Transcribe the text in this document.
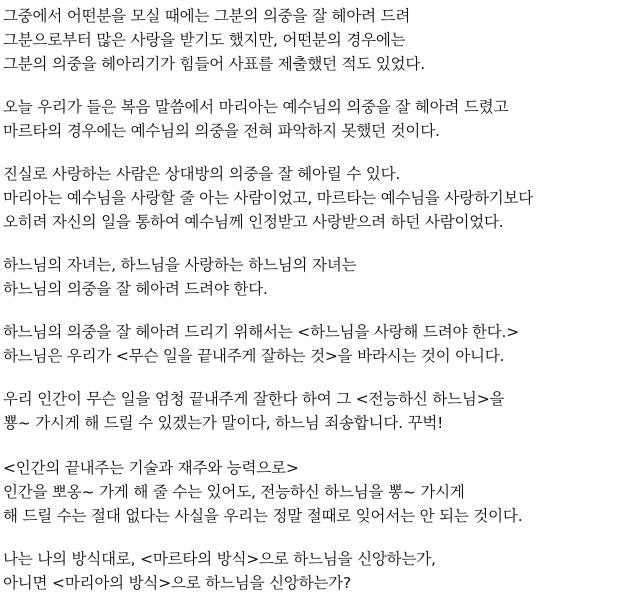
그중에서 어떤분을 모실 때에는 그분의 의중을 잘 헤아려 드려
그분으로부터 많은 사랑을 받기도 했지만, 어떤분의 경우에는
그분의 의중을 헤아리기가 힘들어 사표를 제출했던 적도 있었다.
오늘 우리가 들은 복음 말씀에서 마리아는 예수님의 의중을 잘 헤아려 드렸고
마르타의 경우에는 예수님의 의중을 전혀 파악하지 못했던 것이다.
진실로 사랑하는 사람은 상대방의 의중을 잘 헤아릴 수 있다.
마리아는 예수님을 사랑할 줄 아는 사람이었고, 마르타는 예수님을 사랑하기보다
오히려 자신의 일을 통하여 예수님께 인정받고 사랑받으려 하던 사람이었다.
하느님의 자녀는, 하느님을 사랑하는 하느님의 자녀는
하느님의 의중을 잘 헤아려 드려야 한다.
하느님의 의중을 잘 헤아려 드리기 위해서는 <하느님을 사랑해 드려야 한다.>
하느님은 우리가 <무슨 일을 끝내주게 잘하는 것>을 바라시는 것이 아니다.
우리 인간이 무슨 일을 엄청 끝내주게 잘한다 하여 그 <전능하신 하느님>을
뿅~ 가시게 해 드릴 수 있겠는가 말이다, 하느님 죄송합니다. 꾸벅!
<인간의 끝내주는 기술과 재주와 능력으로>
인간을 뽀옹~ 가게 해 줄 수는 있어도, 전능하신 하느님을 뽕~ 가시게
해 드릴 수는 절대 없다는 사실을 우리는 정말 절때로 잊어서는 안 되는 것이다.
나는 나의 방식대로, <마르타의 방식>으로 하느님을 신앙하는가,
아니면 <마리아의 방식>으로 하느님을 신앙하는가?
